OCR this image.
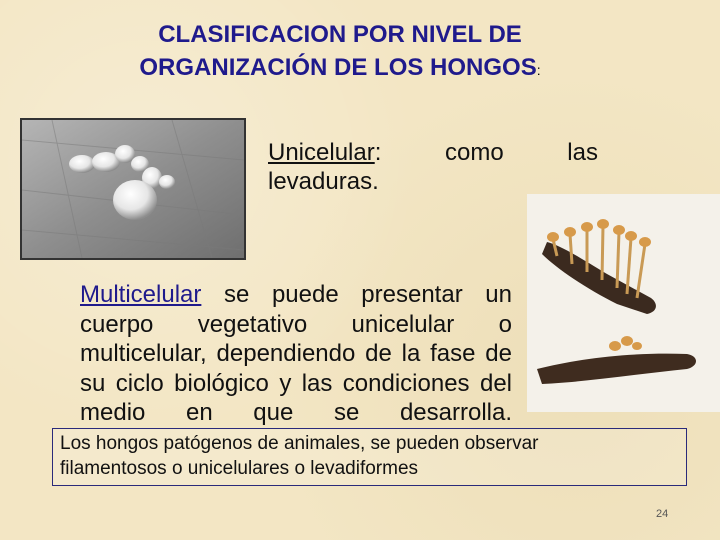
CLASIFICACION POR NIVEL DE
ORGANIZACIÓN DE LOS HONGOS:
Unicelular:	como	las
levaduras.
Multicelular se puede presentar un cuerpo vegetativo unicelular o multicelular, dependiendo de la fase de su ciclo biológico y las condiciones del medio en que se desarrolla.
Los hongos patógenos de animales, se pueden observar
filamentosos o unicelulares o levadiformes
24
